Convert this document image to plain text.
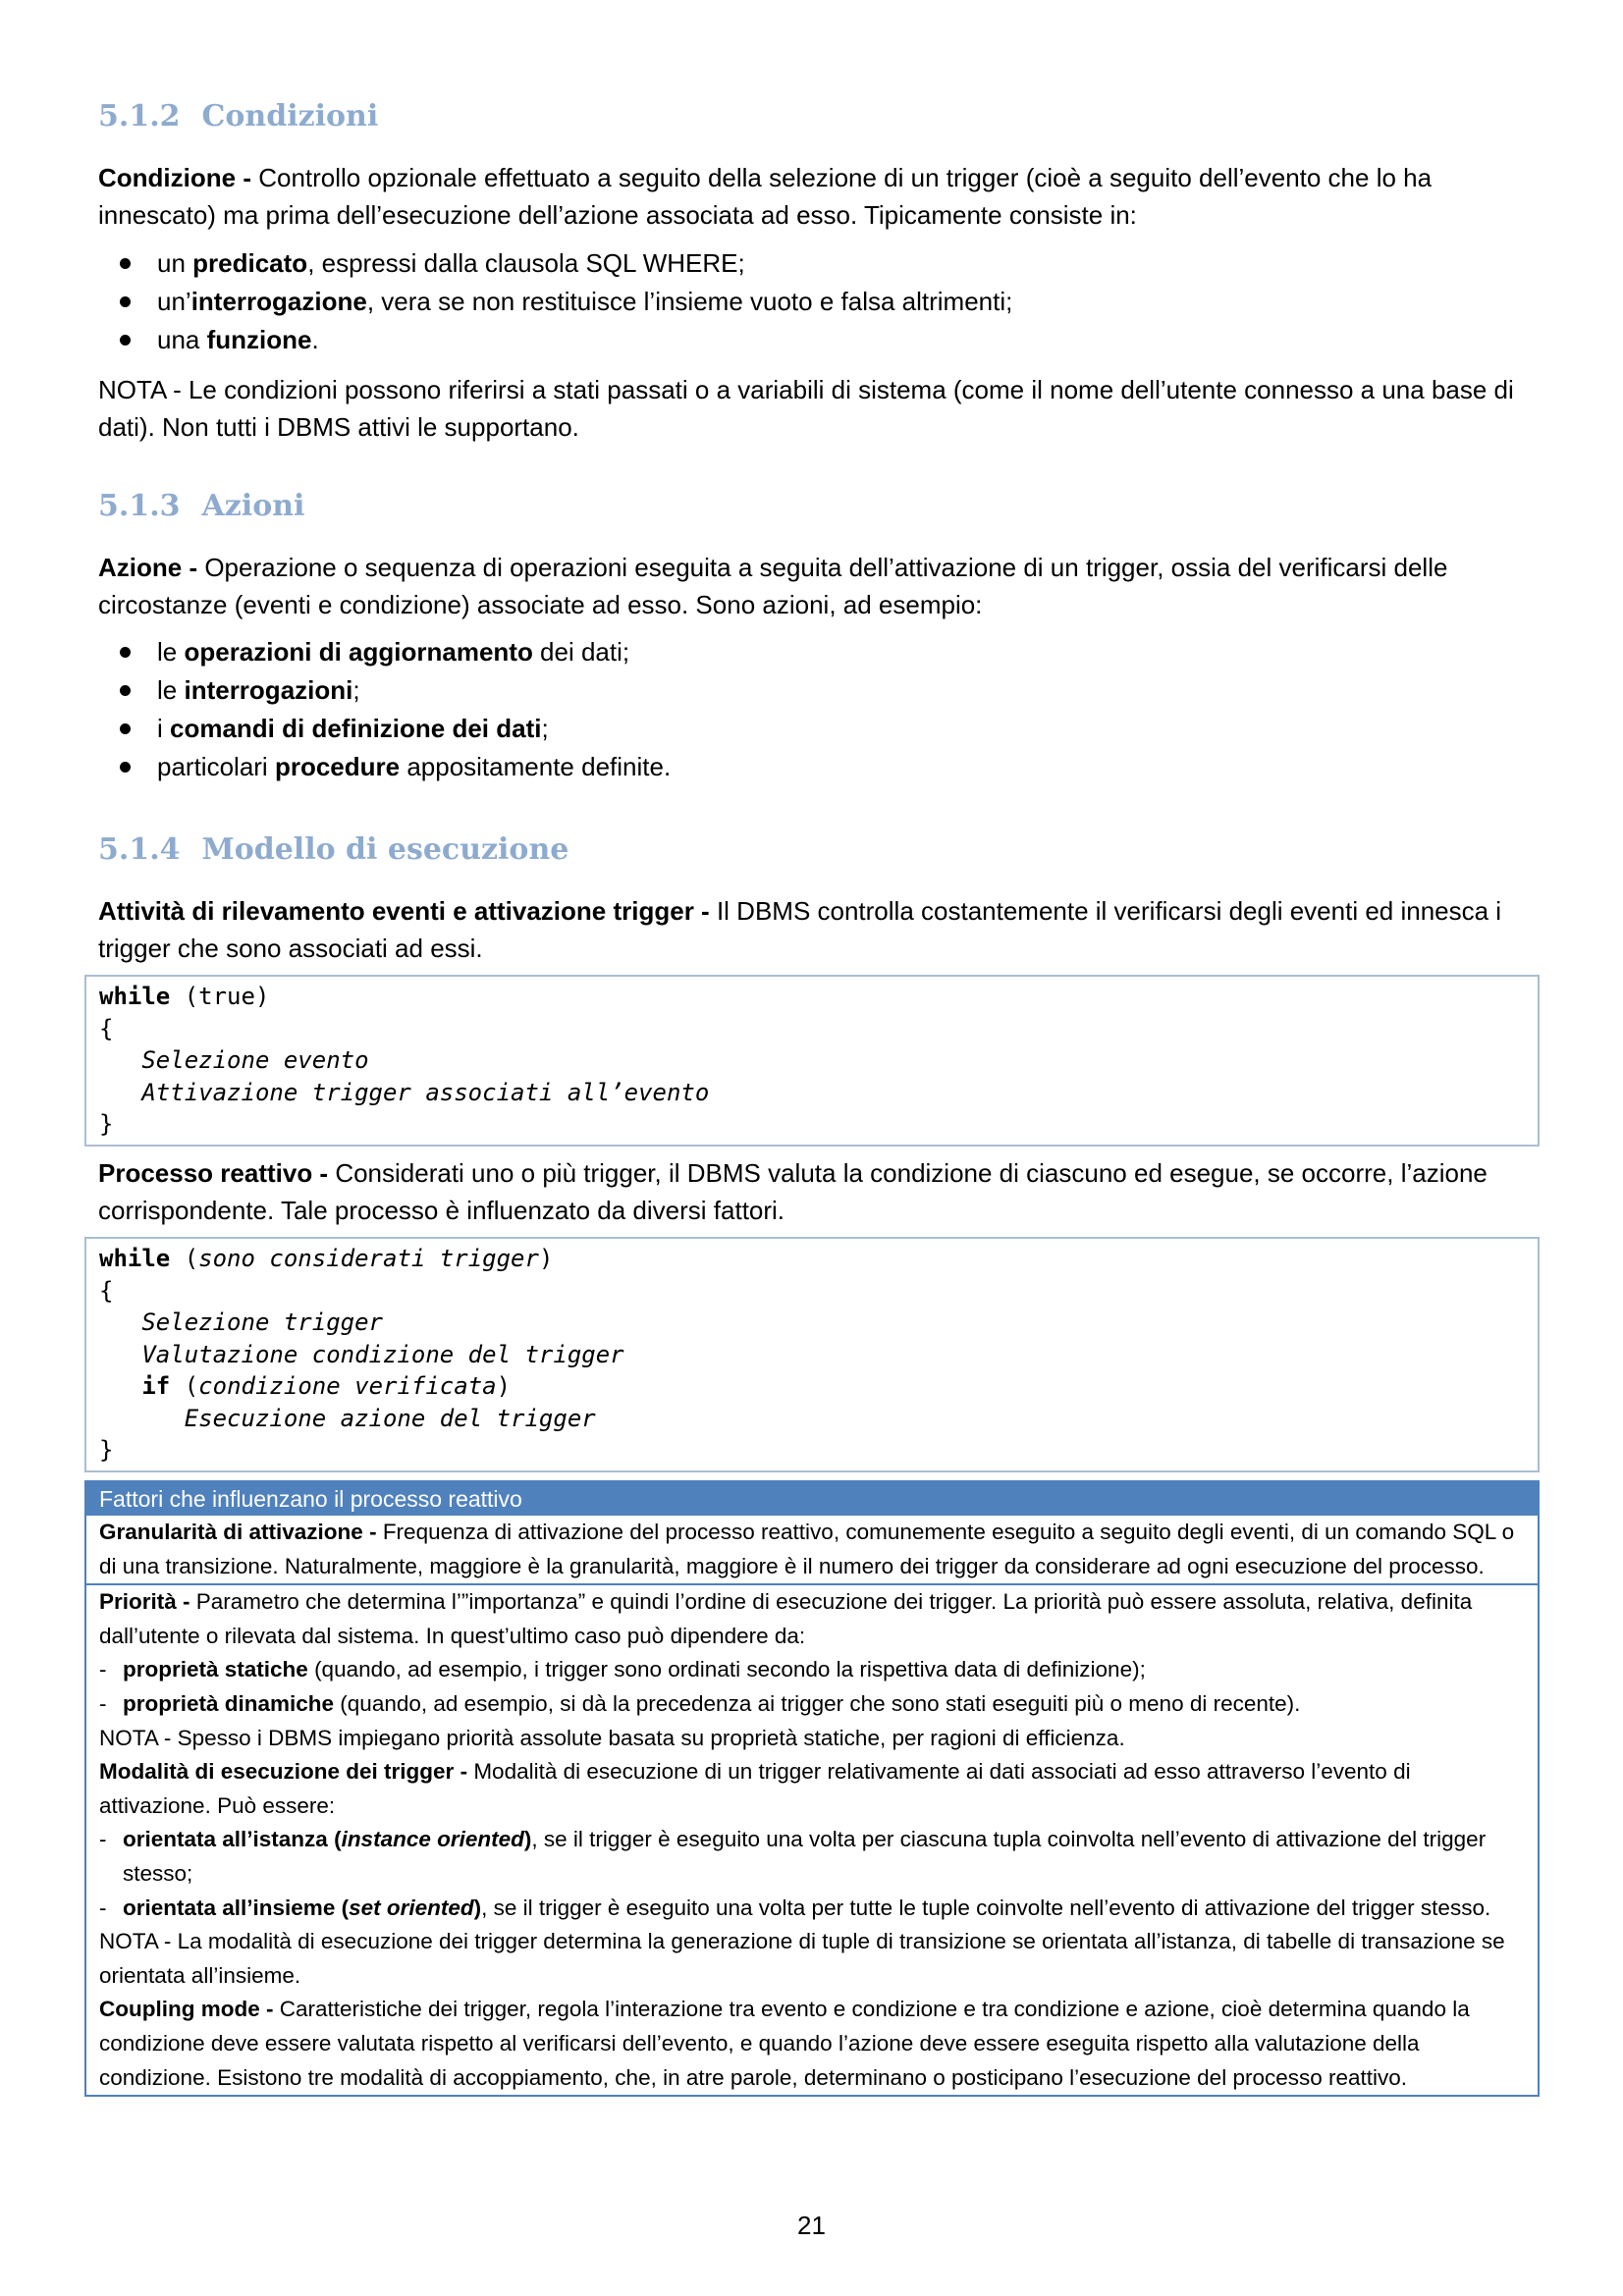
5.1.2 Condizioni

Condizione - Controllo opzionale effettuato a seguito della selezione di un trigger (cioè a seguito dell’evento che lo ha innescato) ma prima dell’esecuzione dell’azione associata ad esso. Tipicamente consiste in:

un predicato, espressi dalla clausola SQL WHERE;
un’interrogazione, vera se non restituisce l’insieme vuoto e falsa altrimenti;
una funzione.

NOTA - Le condizioni possono riferirsi a stati passati o a variabili di sistema (come il nome dell’utente connesso a una base di dati). Non tutti i DBMS attivi le supportano.

5.1.3 Azioni

Azione - Operazione o sequenza di operazioni eseguita a seguita dell’attivazione di un trigger, ossia del verificarsi delle circostanze (eventi e condizione) associate ad esso. Sono azioni, ad esempio:

le operazioni di aggiornamento dei dati;
le interrogazioni;
i comandi di definizione dei dati;
particolari procedure appositamente definite.
5.1.4 Modello di esecuzione

Attività di rilevamento eventi e attivazione trigger - Il DBMS controlla costantemente il verificarsi degli eventi ed innesca i trigger che sono associati ad essi.

while (true)
{
Selezione evento
Attivazione trigger associati all’evento
}

Processo reattivo - Considerati uno o più trigger, il DBMS valuta la condizione di ciascuno ed esegue, se occorre, l’azione corrispondente. Tale processo è influenzato da diversi fattori.

while (sono considerati trigger)
{
Selezione trigger
Valutazione condizione del trigger
if (condizione verificata)
Esecuzione azione del trigger
}
Fattori che influenzano il processo reattivo
Granularità di attivazione - Frequenza di attivazione del processo reattivo, comunemente eseguito a seguito degli eventi, di un comando SQL o di una transizione. Naturalmente, maggiore è la granularità, maggiore è il numero dei trigger da considerare ad ogni esecuzione del processo.
Priorità - Parametro che determina l’”importanza” e quindi l’ordine di esecuzione dei trigger. La priorità può essere assoluta, relativa, definita dall’utente o rilevata dal sistema. In quest’ultimo caso può dipendere da:
- proprietà statiche (quando, ad esempio, i trigger sono ordinati secondo la rispettiva data di definizione);
- proprietà dinamiche (quando, ad esempio, si dà la precedenza ai trigger che sono stati eseguiti più o meno di recente).
NOTA - Spesso i DBMS impiegano priorità assolute basata su proprietà statiche, per ragioni di efficienza.
Modalità di esecuzione dei trigger - Modalità di esecuzione di un trigger relativamente ai dati associati ad esso attraverso l’evento di attivazione. Può essere:
- orientata all’istanza (instance oriented), se il trigger è eseguito una volta per ciascuna tupla coinvolta nell’evento di attivazione del trigger stesso;
- orientata all’insieme (set oriented), se il trigger è eseguito una volta per tutte le tuple coinvolte nell’evento di attivazione del trigger stesso.
NOTA - La modalità di esecuzione dei trigger determina la generazione di tuple di transizione se orientata all’istanza, di tabelle di transazione se orientata all’insieme.
Coupling mode - Caratteristiche dei trigger, regola l’interazione tra evento e condizione e tra condizione e azione, cioè determina quando la condizione deve essere valutata rispetto al verificarsi dell’evento, e quando l’azione deve essere eseguita rispetto alla valutazione della condizione. Esistono tre modalità di accoppiamento, che, in atre parole, determinano o posticipano l’esecuzione del processo reattivo.
21
